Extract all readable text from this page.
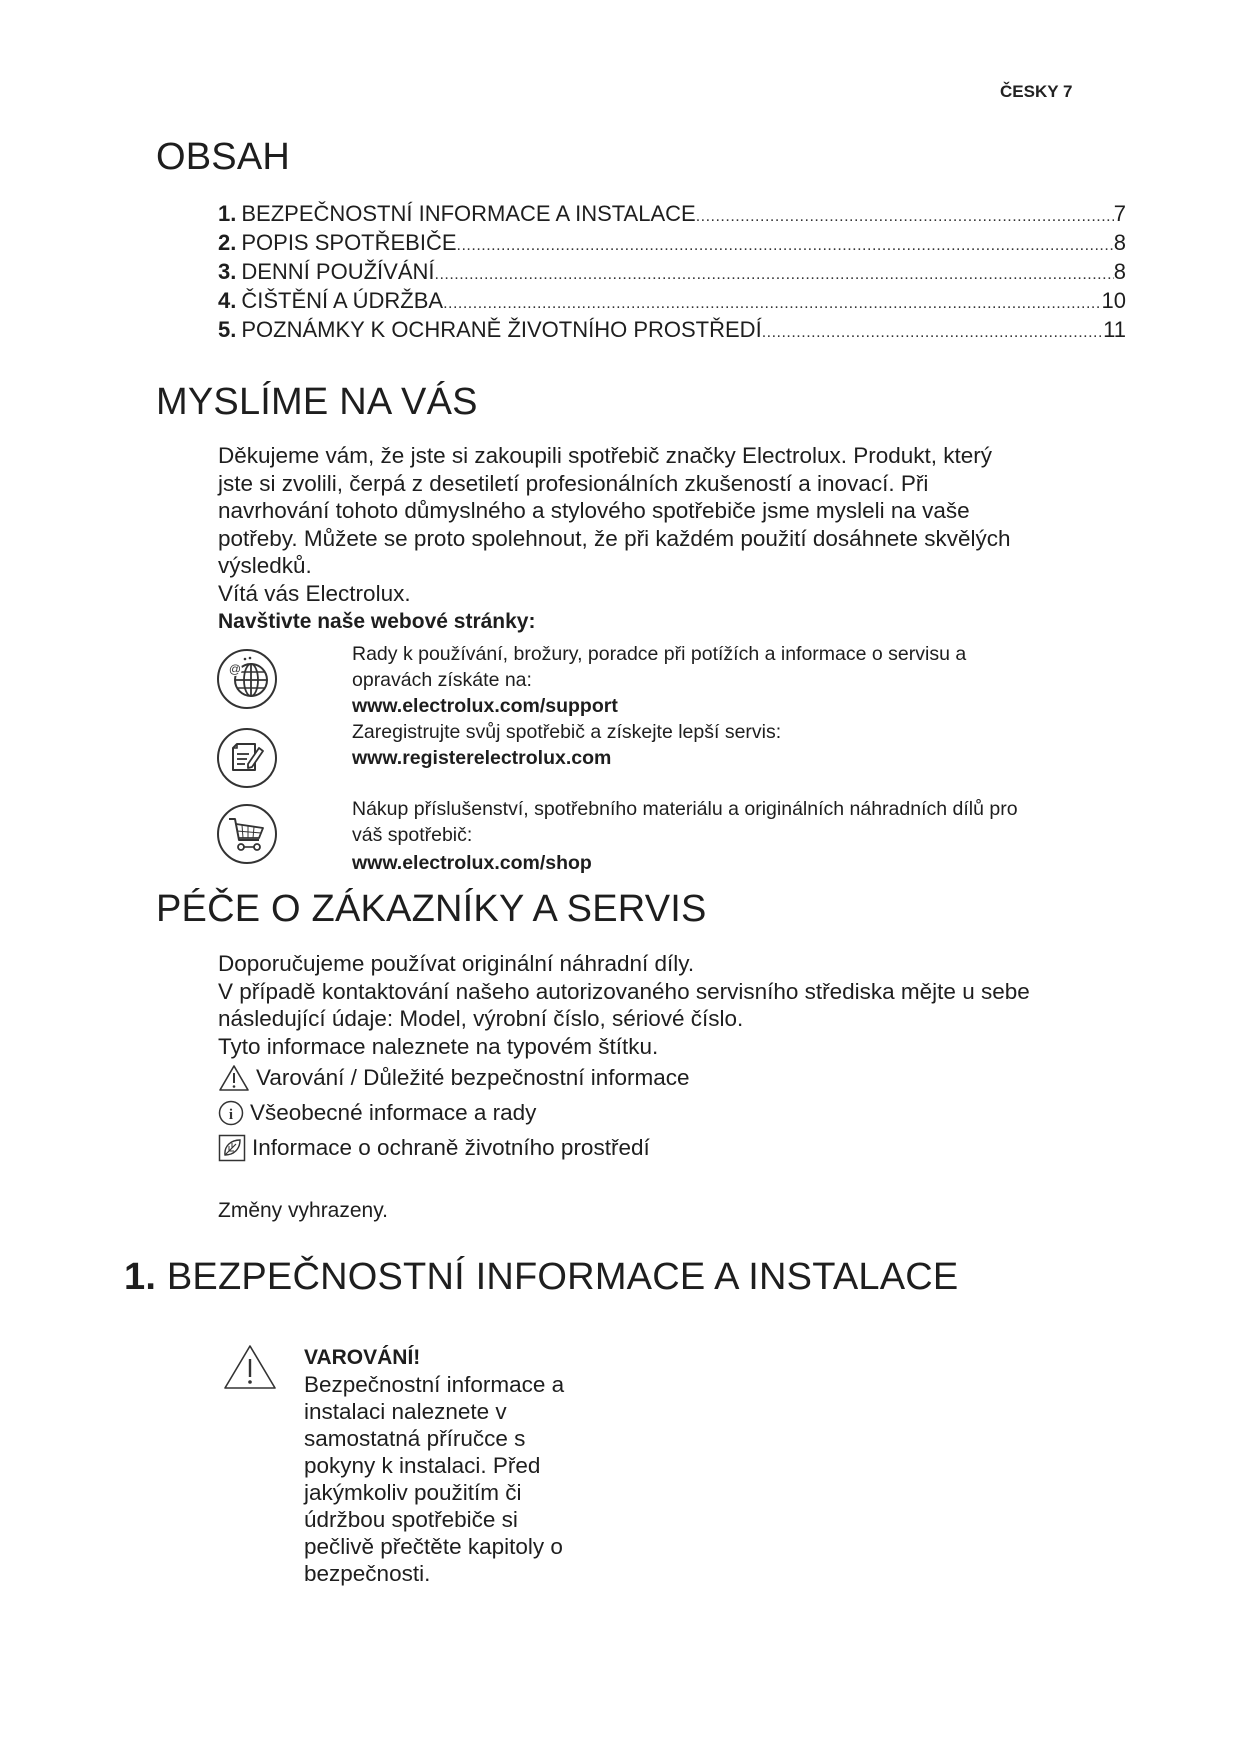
ČESKY 7
OBSAH
1. BEZPEČNOSTNÍ INFORMACE A INSTALACE .....	7
2. POPIS SPOTŘEBIČE .....	8
3. DENNÍ POUŽÍVÁNÍ .....	8
4. ČIŠTĚNÍ A ÚDRŽBA .....	10
5. POZNÁMKY K OCHRANĚ ŽIVOTNÍHO PROSTŘEDÍ .....	11
MYSLÍME NA VÁS

Děkujeme vám, že jste si zakoupili spotřebič značky Electrolux. Produkt, který

jste si zvolili, čerpá z desetiletí profesionálních zkušeností a inovací. Při

navrhování tohoto důmyslného a stylového spotřebiče jsme mysleli na vaše

potřeby. Můžete se proto spolehnout, že při každém použití dosáhnete skvělých

výsledků.

Vítá vás Electrolux.

Navštivte naše webové stránky:

@

Rady k používání, brožury, poradce při potížích a informace o servisu a

opravách získáte na:

www.electrolux.com/support

Zaregistrujte svůj spotřebič a získejte lepší servis:

www.registerelectrolux.com

Nákup příslušenství, spotřebního materiálu a originálních náhradních dílů pro

váš spotřebič:

www.electrolux.com/shop

PÉČE O ZÁKAZNÍKY A SERVIS

Doporučujeme používat originální náhradní díly.

V případě kontaktování našeho autorizovaného servisního střediska mějte u sebe

následující údaje: Model, výrobní číslo, sériové číslo.

Tyto informace naleznete na typovém štítku.

Varování / Důležité bezpečnostní informace
i Všeobecné informace a rady
Informace o ochraně životního prostředí
Změny vyhrazeny.
1. BEZPEČNOSTNÍ INFORMACE A INSTALACE

VAROVÁNÍ!

Bezpečnostní informace a

instalaci naleznete v

samostatná příručce s

pokyny k instalaci. Před

jakýmkoliv použitím či

údržbou spotřebiče si

pečlivě přečtěte kapitoly o

bezpečnosti.
